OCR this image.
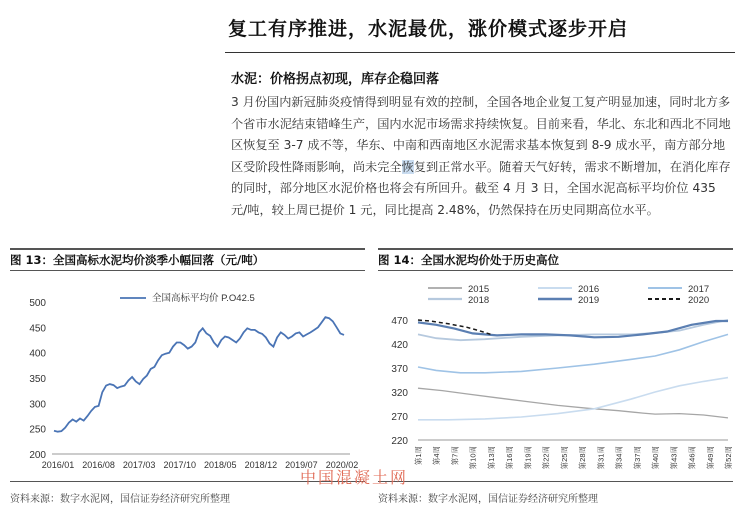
复工有序推进，水泥最优，涨价模式逐步开启
水泥：价格拐点初现，库存企稳回落
3 月份国内新冠肺炎疫情得到明显有效的控制，全国各地企业复工复产明显加速，同时北方多个省市水泥结束错峰生产，国内水泥市场需求持续恢复。目前来看，华北、东北和西北不同地区恢复至 3-7 成不等，华东、中南和西南地区水泥需求基本恢复到 8-9 成水平，南方部分地区受阶段性降雨影响，尚未完全恢复到正常水平。随着天气好转，需求不断增加，在消化库存的同时，部分地区水泥价格也将会有所回升。截至 4 月 3 日，全国水泥高标平均价位 435 元/吨，较上周已提价 1 元，同比提高 2.48%，仍然保持在历史同期高位水平。
图 13：全国高标水泥均价淡季小幅回落（元/吨）
200
250
300
350
400
450
500
2016/01 2016/08 2017/03 2017/10 2018/05 2018/12 2019/07 2020/02
全国高标平均价 P.O42.5
资料来源：数字水泥网，国信证券经济研究所整理
图 14：全国水泥均价处于历史高位
220
270
320
370
420
470
第1周 第4周 第7周 第10周 第13周 第16周 第19周 第22周 第25周 第28周 第31周 第34周 第37周 第40周 第43周 第46周 第49周 第52周
2015	2016	2017
2018	2019	2020
资料来源：数字水泥网，国信证券经济研究所整理
中国混凝土网
